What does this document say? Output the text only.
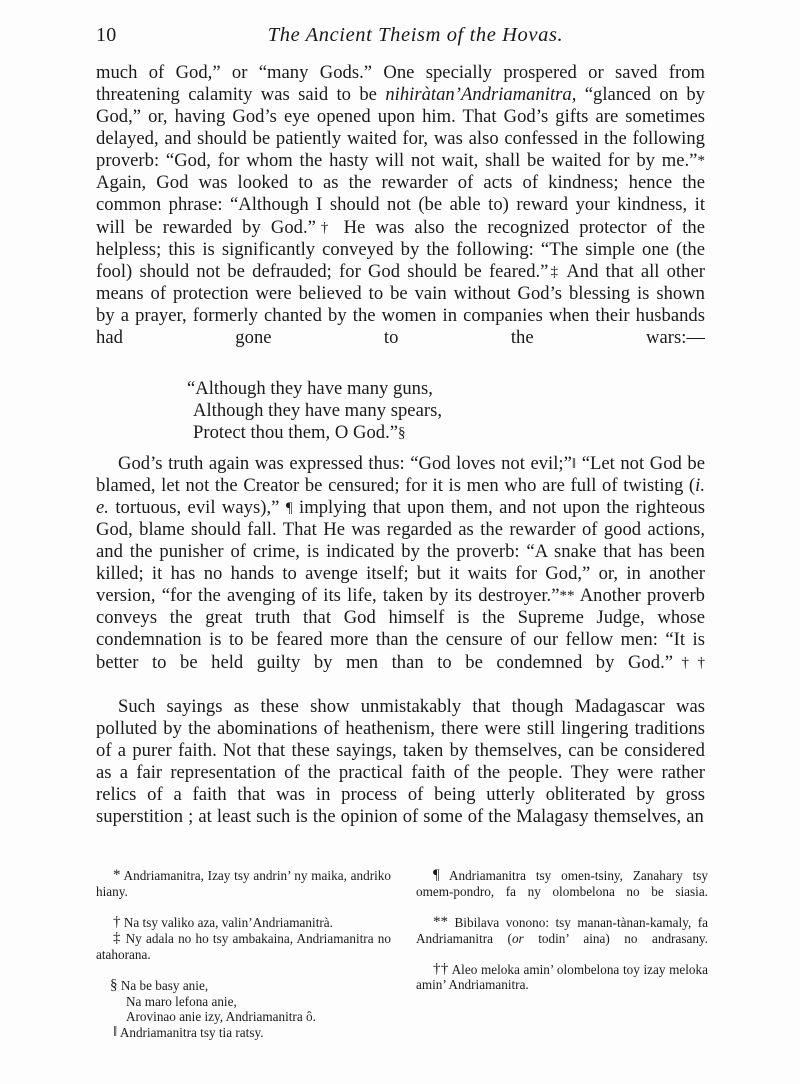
10	The Ancient Theism of the Hovas.

much of God,” or “many Gods.” One specially prospered or saved from threatening calamity was said to be nihiràtan’Andriamanitra, “glanced on by God,” or, having God’s eye opened upon him. That God’s gifts are sometimes delayed, and should be patiently waited for, was also confessed in the following proverb: “God, for whom the hasty will not wait, shall be waited for by me.”* Again, God was looked to as the rewarder of acts of kindness; hence the common phrase: “Although I should not (be able to) reward your kindness, it will be rewarded by God.”† He was also the recognized protector of the helpless; this is significantly conveyed by the following: “The simple one (the fool) should not be defrauded; for God should be feared.”‡ And that all other means of protection were believed to be vain without God’s blessing is shown by a prayer, formerly chanted by the women in companies when their husbands had gone to the wars:—

“Although they have many guns,
Although they have many spears,
Protect thou them, O God.”§

God’s truth again was expressed thus: “God loves not evil;”‖ “Let not God be blamed, let not the Creator be censured; for it is men who are full of twisting (i. e. tortuous, evil ways),” ¶ implying that upon them, and not upon the righteous God, blame should fall. That He was regarded as the rewarder of good actions, and the punisher of crime, is indicated by the proverb: “A snake that has been killed; it has no hands to avenge itself; but it waits for God,” or, in another version, “for the avenging of its life, taken by its destroyer.”** Another proverb conveys the great truth that God himself is the Supreme Judge, whose condemnation is to be feared more than the censure of our fellow men: “It is better to be held guilty by men than to be condemned by God.”††

Such sayings as these show unmistakably that though Madagascar was polluted by the abominations of heathenism, there were still lingering traditions of a purer faith. Not that these sayings, taken by themselves, can be considered as a fair representation of the practical faith of the people. They were rather relics of a faith that was in process of being utterly obliterated by gross superstition ; at least such is the opinion of some of the Malagasy themselves, an

* Andriamanitra, Izay tsy andrin’ ny maika, andriko hiany.

† Na tsy valiko aza, valin’Andriamanitrà.

‡ Ny adala no ho tsy ambakaina, Andriamanitra no atahorana.

§ Na be basy anie,
Na maro lefona anie,
Arovinao anie izy, Andriamanitra ô.

‖ Andriamanitra tsy tia ratsy.

¶ Andriamanitra tsy omen-tsiny, Zanahary tsy omem-pondro, fa ny olombelona no be siasia.

** Bibilava vonono: tsy manan-tànan-kamaly, fa Andriamanitra (or todin’ aina) no andrasany.

†† Aleo meloka amin’ olombelona toy izay meloka amin’ Andriamanitra.
